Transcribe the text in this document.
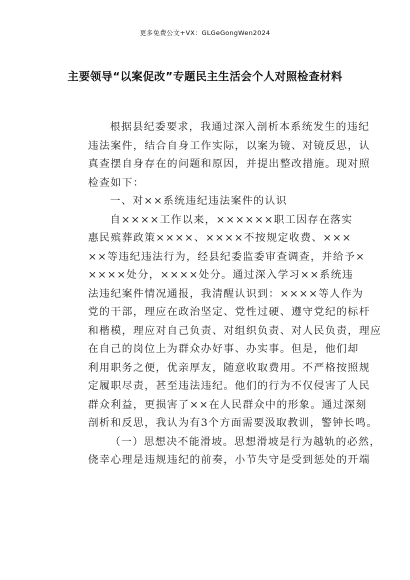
更多免费公文+VX：GLGeGongWen2024
主要领导“以案促改”专题民主生活会个人对照检查材料
根据县纪委要求，我通过深入剖析本系统发生的违纪
违法案件，结合自身工作实际，以案为镜、对镜反思，认
真查摆自身存在的问题和原因，并提出整改措施。现对照
检查如下：
一、对××系统违纪违法案件的认识
自××××工作以来，××××××职工因存在落实
惠民殡葬政策××××、××××不按规定收费、×××
××等违纪违法行为，经县纪委监委审查调查，并给予×
××××处分，××××处分。通过深入学习××系统违
法违纪案件情况通报，我清醒认识到：××××等人作为
党的干部，理应在政治坚定、党性过硬、遵守党纪的标杆
和楷模，理应对自己负责、对组织负责、对人民负责，理应
在自己的岗位上为群众办好事、办实事。但是，他们却
利用职务之便，优亲厚友，随意收取费用。不严格按照规
定履职尽责，甚至违法违纪。他们的行为不仅侵害了人民
群众利益，更损害了××在人民群众中的形象。通过深刻
剖析和反思，我认为有3个方面需要汲取教训，警钟长鸣。
（一）思想决不能滑坡。思想滑坡是行为越轨的必然，
侥幸心理是违规违纪的前奏，小节失守是受到惩处的开端
